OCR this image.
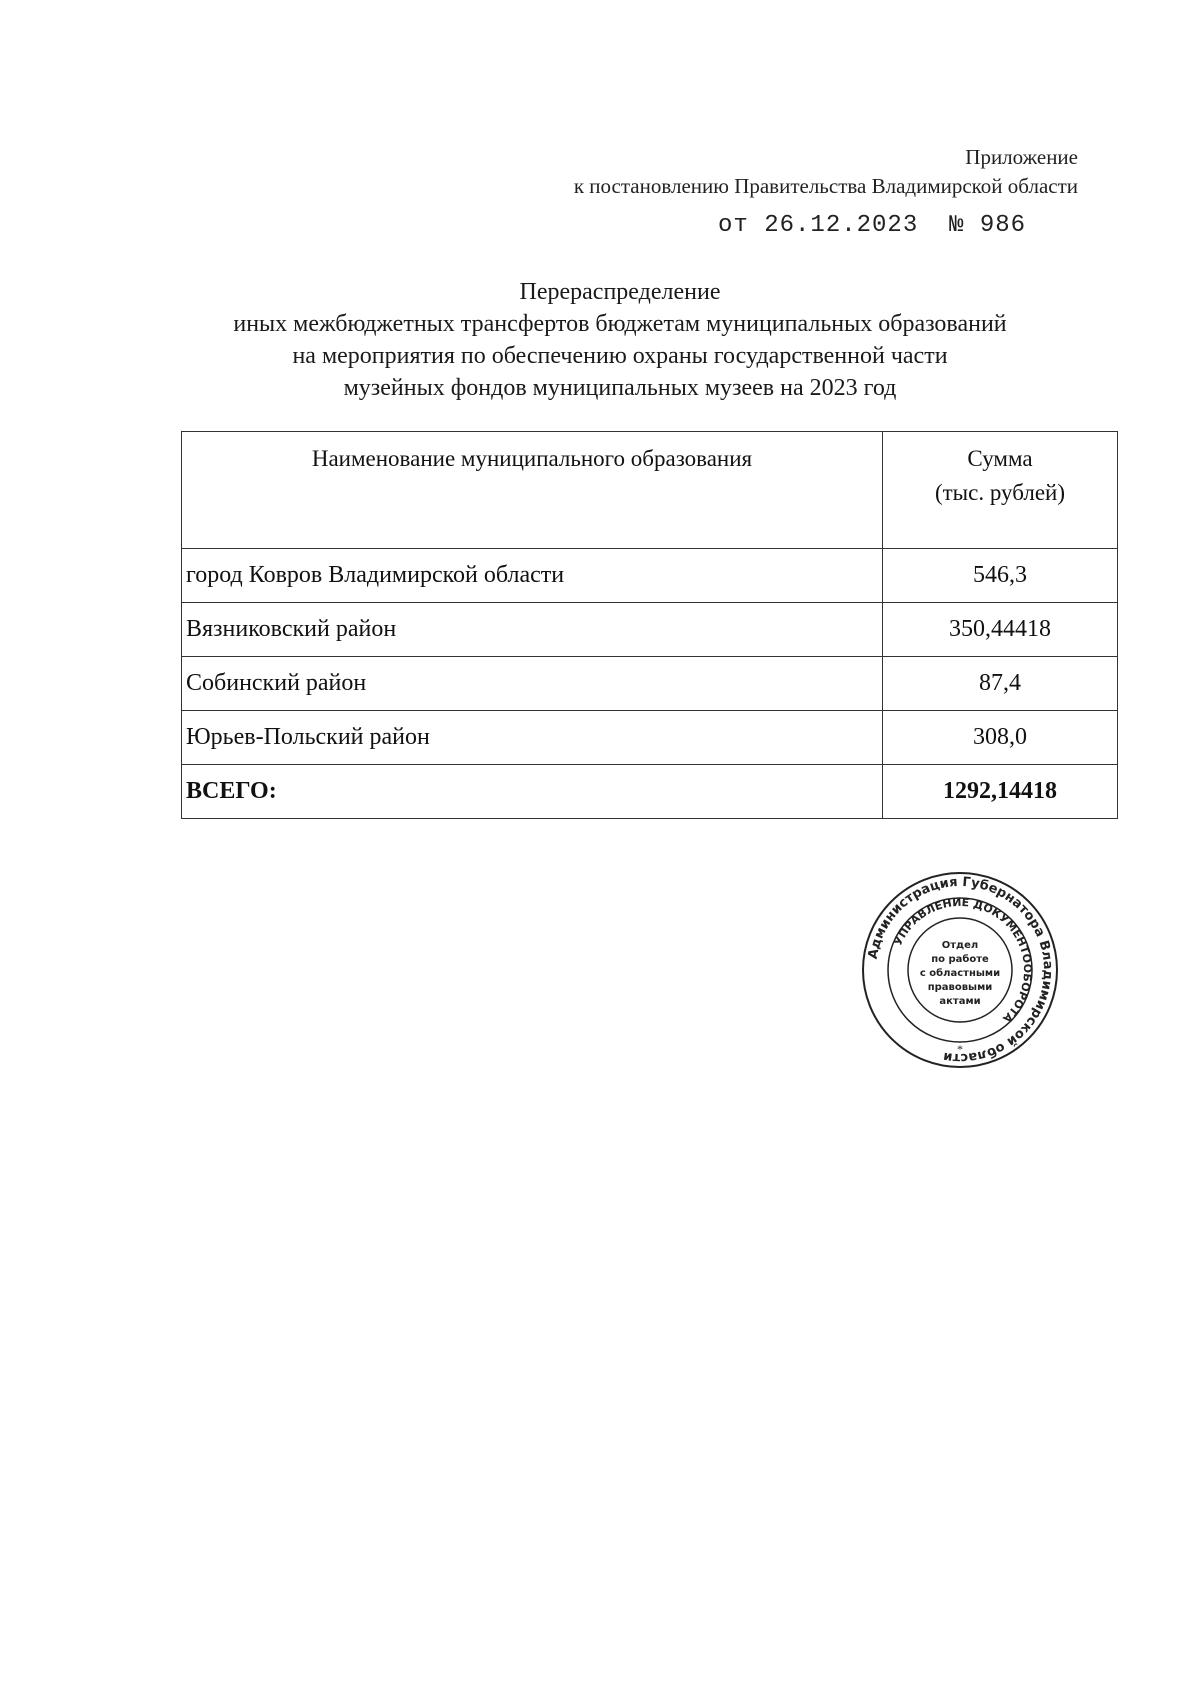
Приложение
к постановлению Правительства Владимирской области
от 26.12.2023  № 986
Перераспределение
иных межбюджетных трансфертов бюджетам муниципальных образований
на мероприятия по обеспечению охраны государственной части
музейных фондов муниципальных музеев на 2023 год
Наименование муниципального образования	Сумма
(тыс. рублей)

город Ковров Владимирской области	546,3
Вязниковский район	350,44418
Собинский район	87,4
Юрьев-Польский район	308,0
ВСЕГО:	1292,14418
Администрация Губернатора Владимирской области
УПРАВЛЕНИЕ ДОКУМЕНТООБОРОТА
*
Отдел
по работе
с областными
правовыми
актами
